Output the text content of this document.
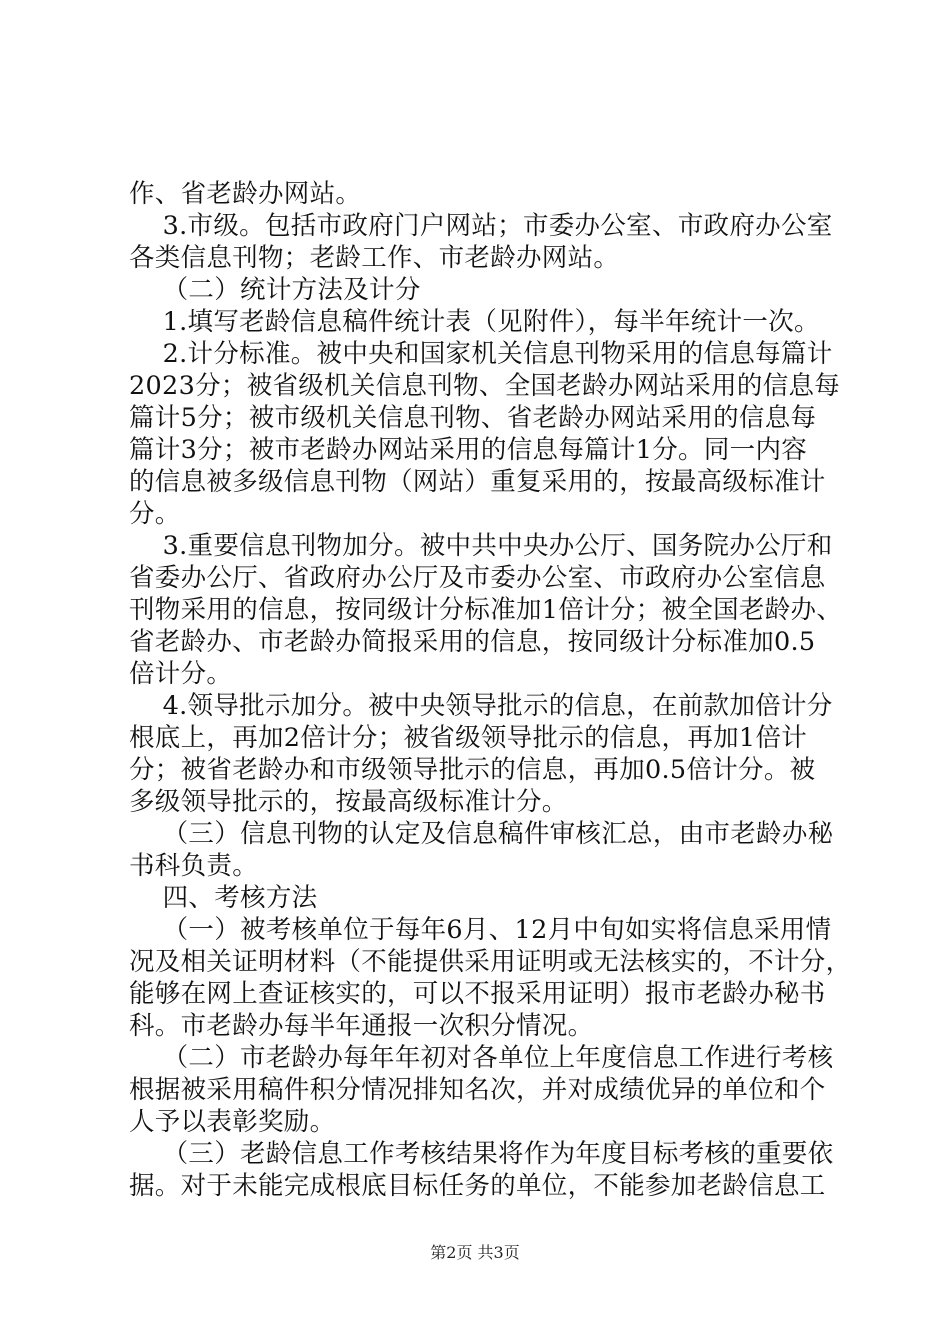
作、省老龄办网站。
3.市级。包括市政府门户网站；市委办公室、市政府办公室
各类信息刊物；老龄工作、市老龄办网站。
（二）统计方法及计分
1.填写老龄信息稿件统计表（见附件），每半年统计一次。
2.计分标准。被中央和国家机关信息刊物采用的信息每篇计
2023分；被省级机关信息刊物、全国老龄办网站采用的信息每
篇计5分；被市级机关信息刊物、省老龄办网站采用的信息每
篇计3分；被市老龄办网站采用的信息每篇计1分。同一内容
的信息被多级信息刊物（网站）重复采用的，按最高级标准计
分。
3.重要信息刊物加分。被中共中央办公厅、国务院办公厅和
省委办公厅、省政府办公厅及市委办公室、市政府办公室信息
刊物采用的信息，按同级计分标准加1倍计分；被全国老龄办、
省老龄办、市老龄办简报采用的信息，按同级计分标准加0.5
倍计分。
4.领导批示加分。被中央领导批示的信息，在前款加倍计分
根底上，再加2倍计分；被省级领导批示的信息，再加1倍计
分；被省老龄办和市级领导批示的信息，再加0.5倍计分。被
多级领导批示的，按最高级标准计分。
（三）信息刊物的认定及信息稿件审核汇总，由市老龄办秘
书科负责。
四、考核方法
（一）被考核单位于每年6月、12月中旬如实将信息采用情
况及相关证明材料（不能提供采用证明或无法核实的，不计分，
能够在网上查证核实的，可以不报采用证明）报市老龄办秘书
科。市老龄办每半年通报一次积分情况。
（二）市老龄办每年年初对各单位上年度信息工作进行考核
根据被采用稿件积分情况排知名次，并对成绩优异的单位和个
人予以表彰奖励。
（三）老龄信息工作考核结果将作为年度目标考核的重要依
据。对于未能完成根底目标任务的单位，不能参加老龄信息工
第2页 共3页
